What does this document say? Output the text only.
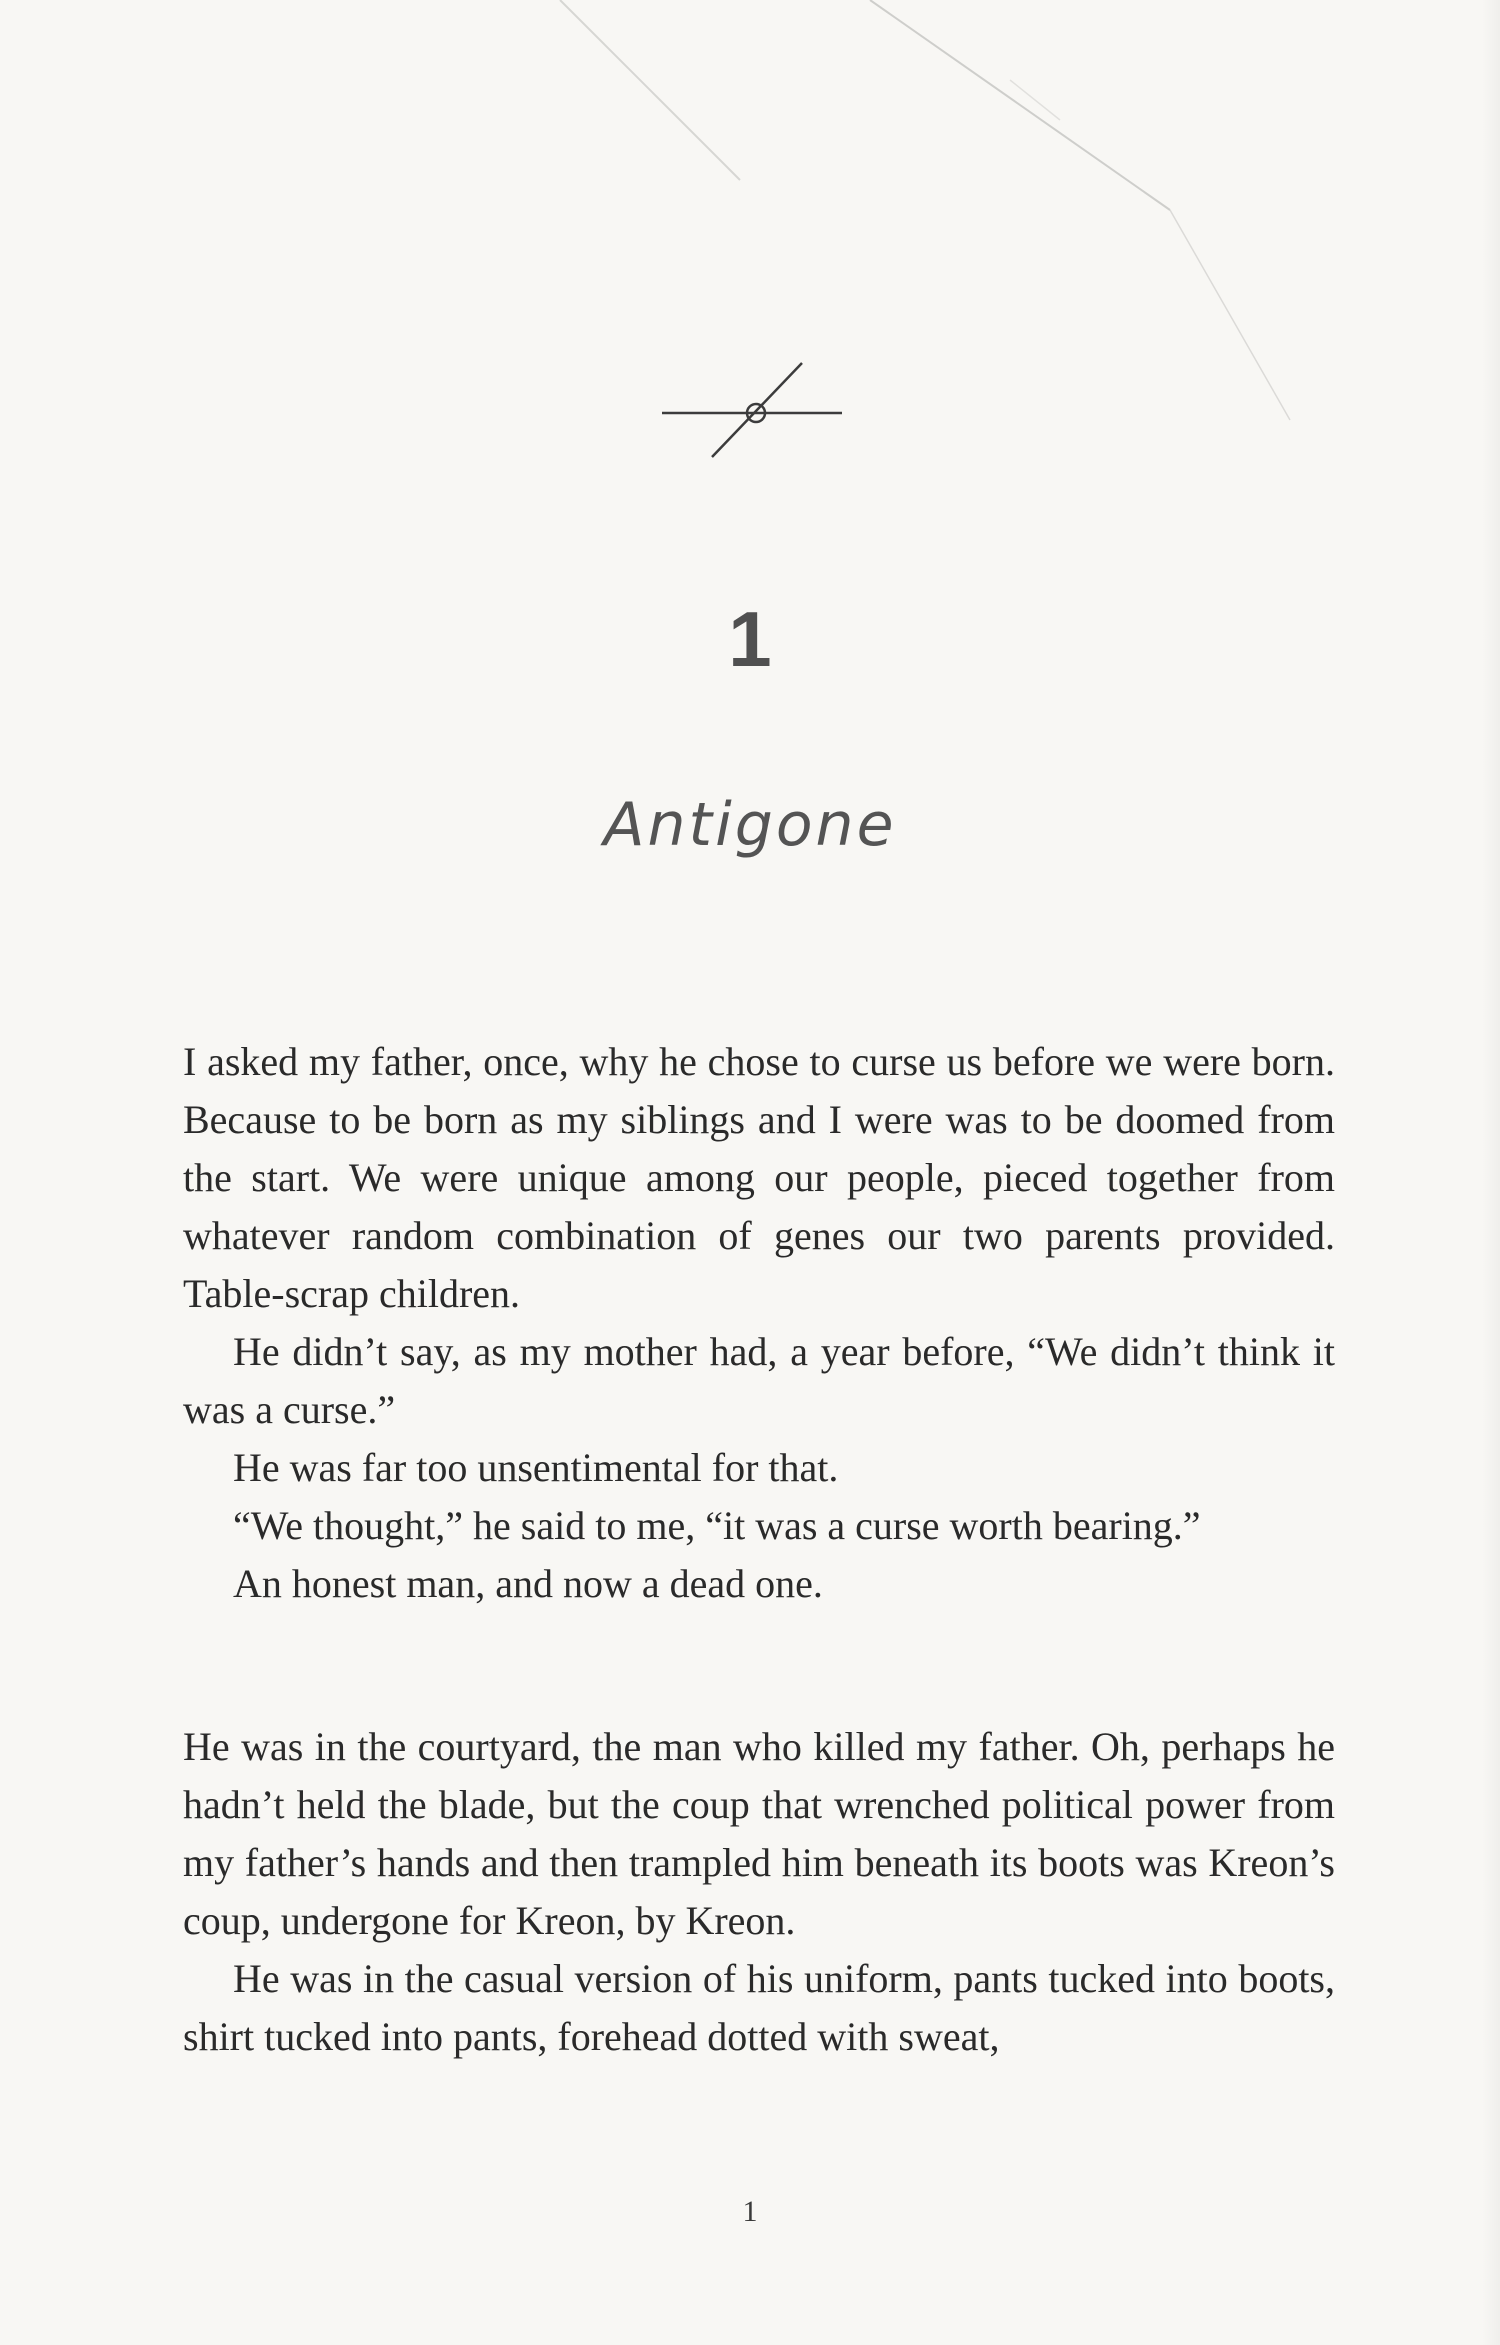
1
Antigone

I asked my father, once, why he chose to curse us before we were born. Because to be born as my siblings and I were was to be doomed from the start. We were unique among our people, pieced together from whatever random combination of genes our two parents provided. Table-scrap children.

He didn’t say, as my mother had, a year before, “We didn’t think it was a curse.”

He was far too unsentimental for that.

“We thought,” he said to me, “it was a curse worth bearing.”

An honest man, and now a dead one.

He was in the courtyard, the man who killed my father. Oh, perhaps he hadn’t held the blade, but the coup that wrenched political power from my father’s hands and then trampled him beneath its boots was Kreon’s coup, undergone for Kreon, by Kreon.

He was in the casual version of his uniform, pants tucked into boots, shirt tucked into pants, forehead dotted with sweat,

1
